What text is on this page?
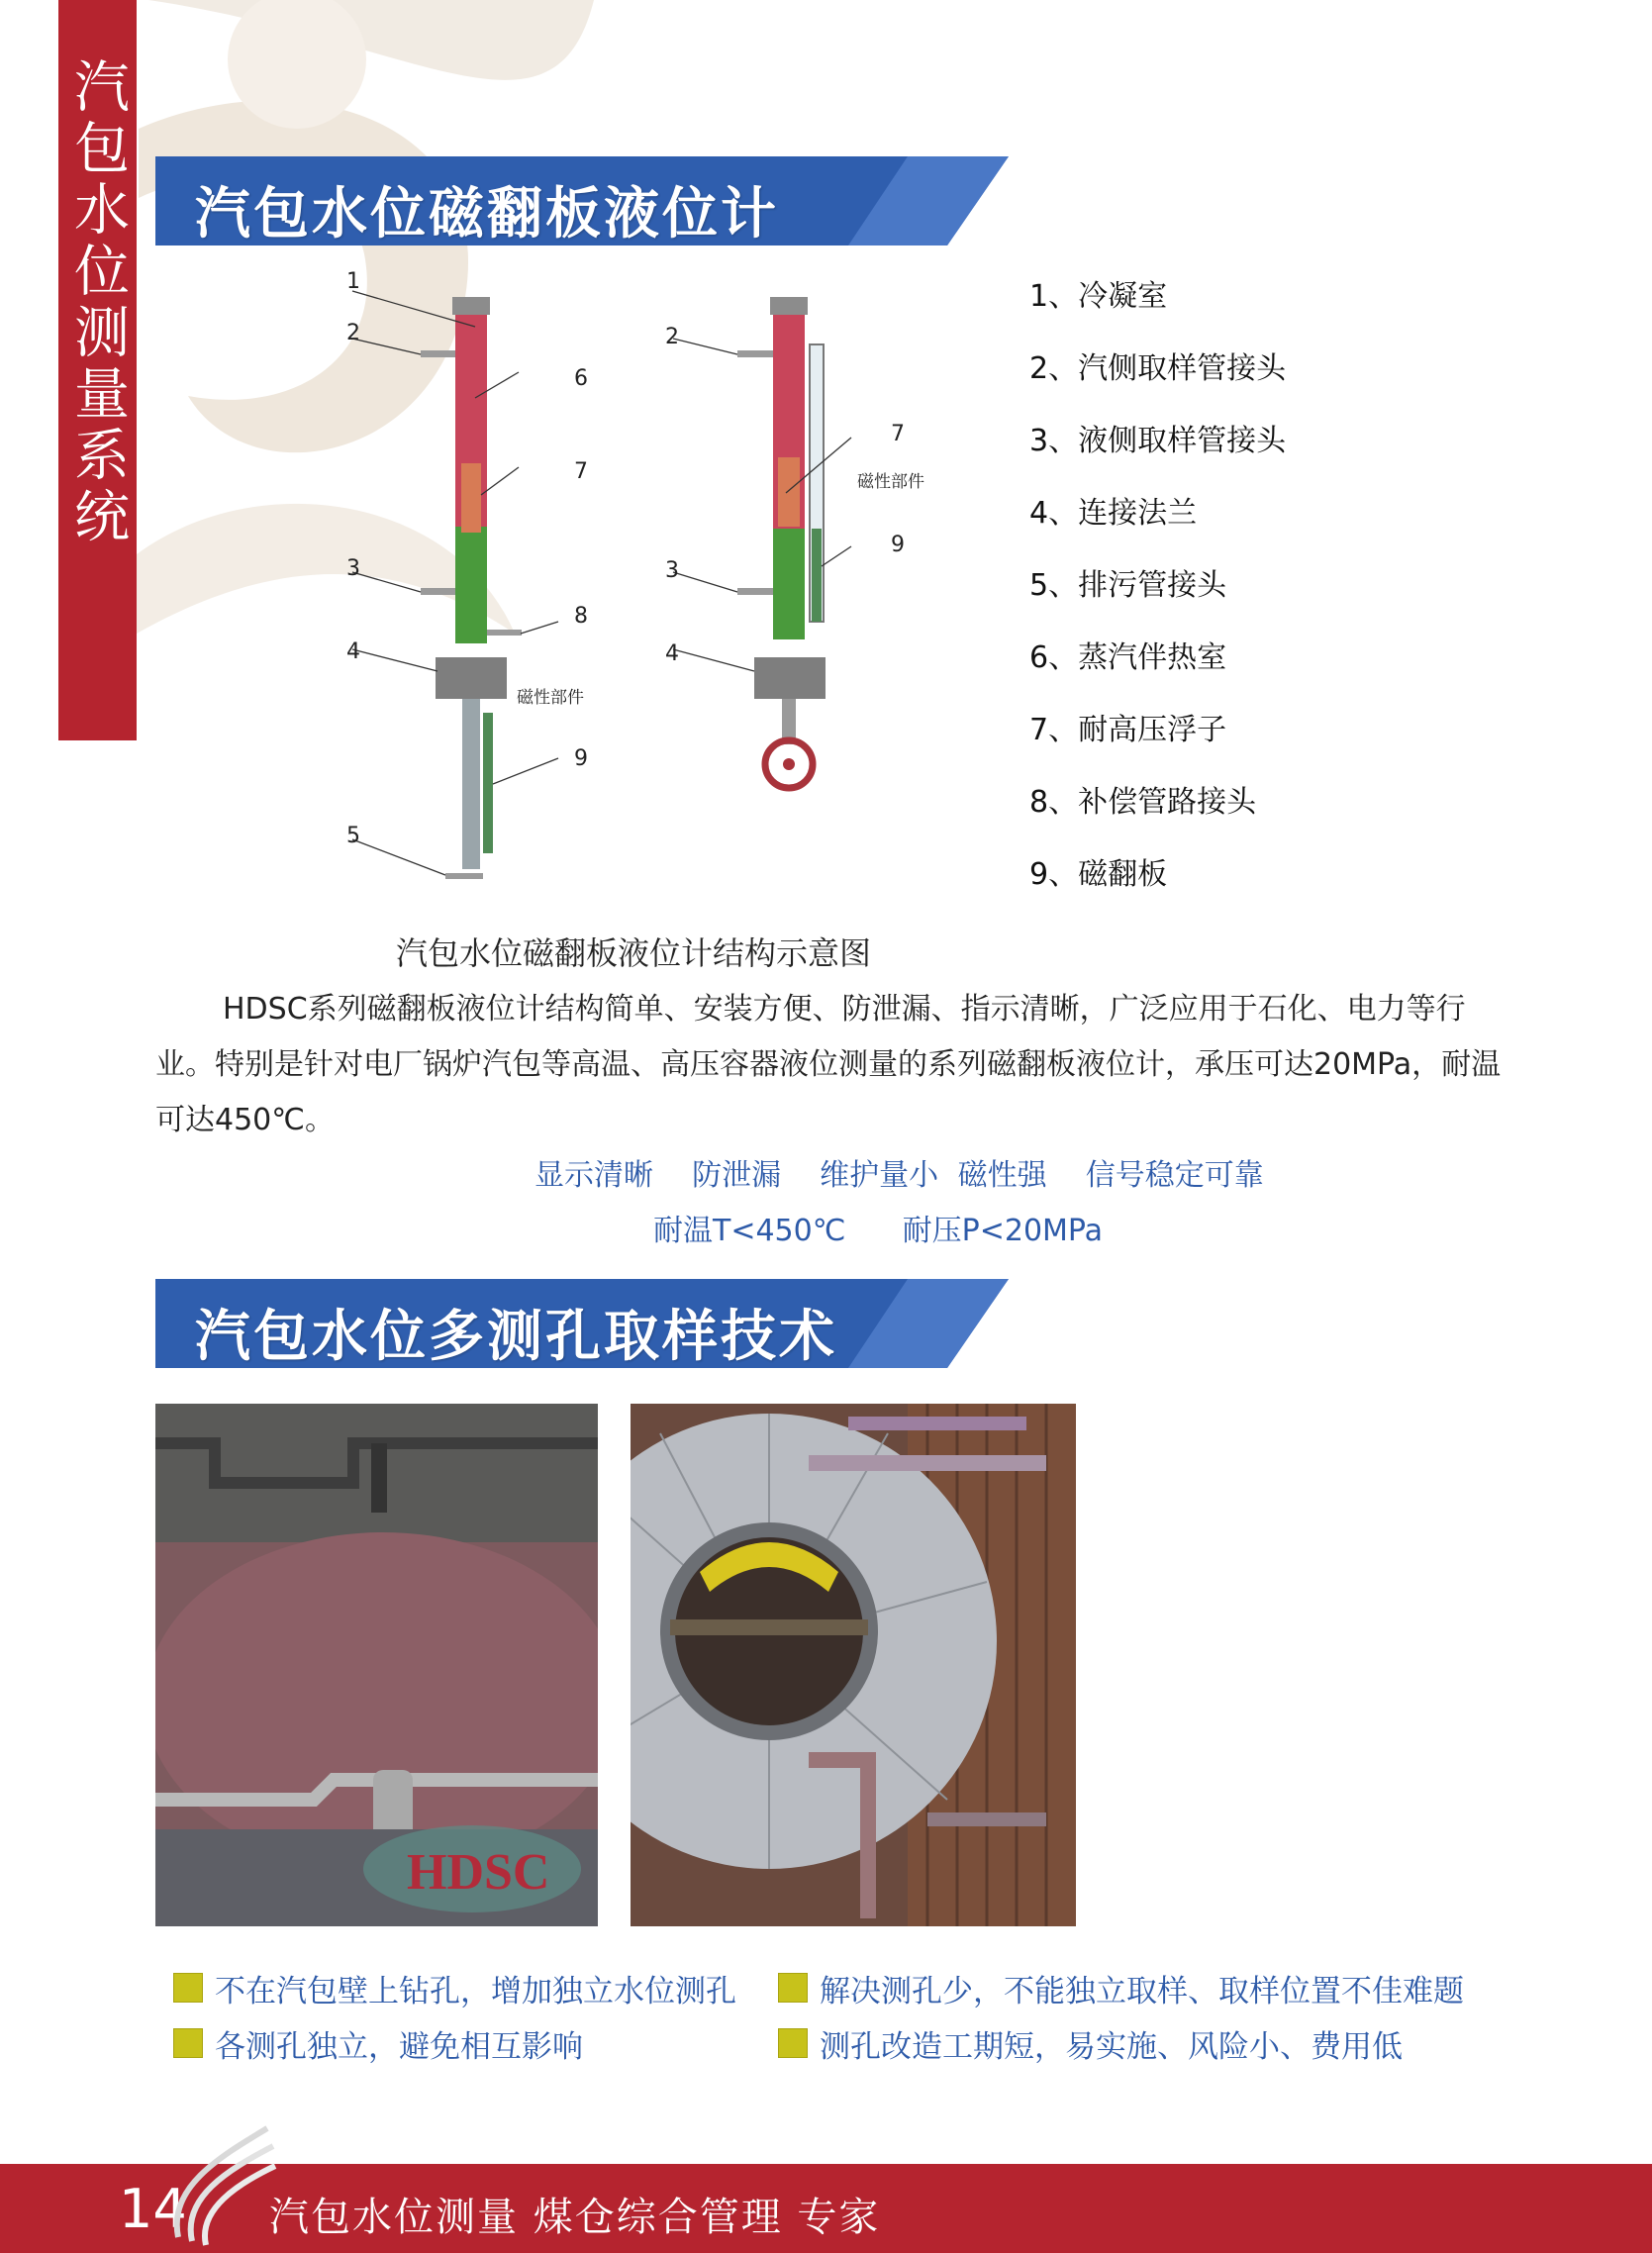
汽包水位测量系统 汽包水位磁翻板液位计
1
2
3
4
5
6
7
8
9
磁性部件
2
3
4
7
磁性部件
9
1、冷凝室
2、汽侧取样管接头
3、液侧取样管接头
4、连接法兰
5、排污管接头
6、蒸汽伴热室
7、耐高压浮子
8、补偿管路接头
9、磁翻板
汽包水位磁翻板液位计结构示意图

HDSC系列磁翻板液位计结构简单、安装方便、防泄漏、指示清晰，广泛应用于石化、电力等行业。特别是针对电厂锅炉汽包等高温、高压容器液位测量的系列磁翻板液位计，承压可达20MPa，耐温可达450℃。

显示清晰  防泄漏  维护量小 磁性强  信号稳定可靠
耐温T<450℃      耐压P<20MPa
汽包水位多测孔取样技术
HDSC
不在汽包壁上钻孔，增加独立水位测孔
各测孔独立，避免相互影响
解决测孔少，不能独立取样、取样位置不佳难题
测孔改造工期短，易实施、风险小、费用低
14 汽包水位测量 煤仓综合管理 专家
